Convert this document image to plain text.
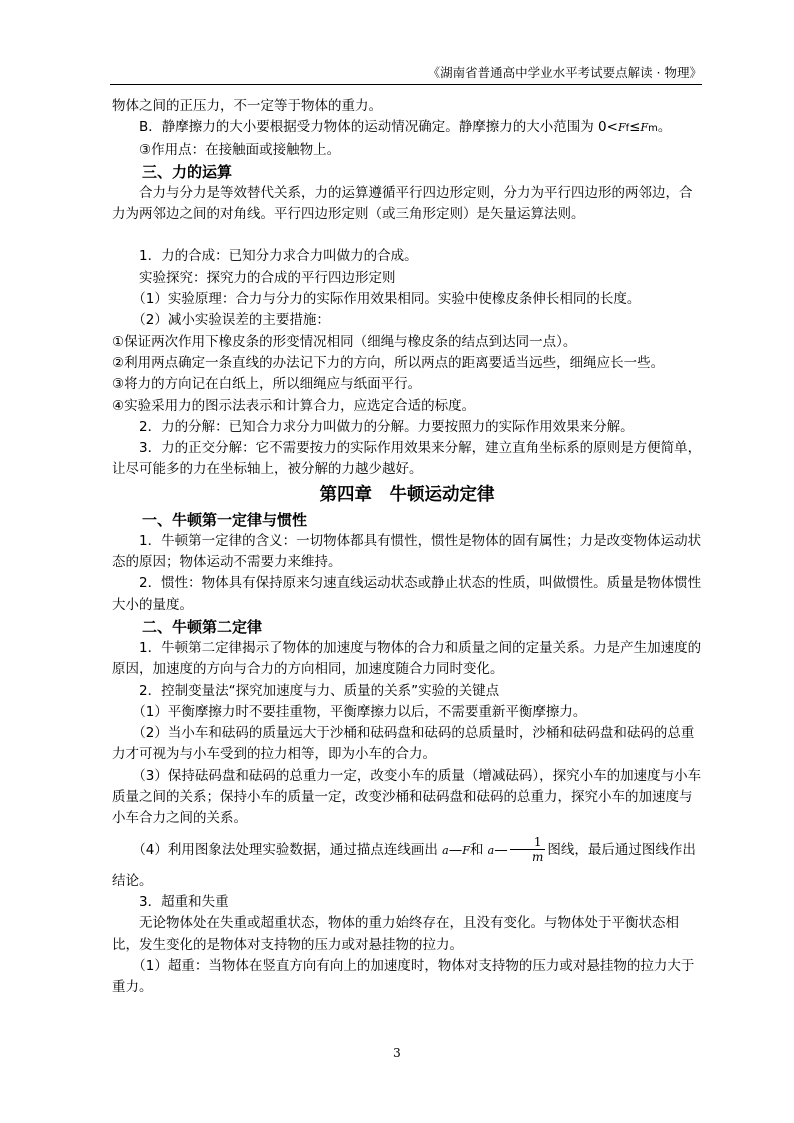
《湖南省普通高中学业水平考试要点解读 · 物理》

物体之间的正压力，不一定等于物体的重力。

B．静摩擦力的大小要根据受力物体的运动情况确定。静摩擦力的大小范围为 0<Ff≤Fm。

③作用点：在接触面或接触物上。

三、力的运算

合力与分力是等效替代关系，力的运算遵循平行四边形定则，分力为平行四边形的两邻边，合力为两邻边之间的对角线。平行四边形定则（或三角形定则）是矢量运算法则。

1．力的合成：已知分力求合力叫做力的合成。

实验探究：探究力的合成的平行四边形定则

（1）实验原理：合力与分力的实际作用效果相同。实验中使橡皮条伸长相同的长度。

（2）减小实验误差的主要措施：

①保证两次作用下橡皮条的形变情况相同（细绳与橡皮条的结点到达同一点）。

②利用两点确定一条直线的办法记下力的方向，所以两点的距离要适当远些，细绳应长一些。

③将力的方向记在白纸上，所以细绳应与纸面平行。

④实验采用力的图示法表示和计算合力，应选定合适的标度。

2．力的分解：已知合力求分力叫做力的分解。力要按照力的实际作用效果来分解。

3．力的正交分解：它不需要按力的实际作用效果来分解，建立直角坐标系的原则是方便简单，让尽可能多的力在坐标轴上，被分解的力越少越好。

第四章　牛顿运动定律

一、牛顿第一定律与惯性

1．牛顿第一定律的含义：一切物体都具有惯性，惯性是物体的固有属性；力是改变物体运动状态的原因；物体运动不需要力来维持。

2．惯性：物体具有保持原来匀速直线运动状态或静止状态的性质，叫做惯性。质量是物体惯性大小的量度。

二、牛顿第二定律

1．牛顿第二定律揭示了物体的加速度与物体的合力和质量之间的定量关系。力是产生加速度的原因，加速度的方向与合力的方向相同，加速度随合力同时变化。

2．控制变量法“探究加速度与力、质量的关系”实验的关键点

（1）平衡摩擦力时不要挂重物，平衡摩擦力以后，不需要重新平衡摩擦力。

（2）当小车和砝码的质量远大于沙桶和砝码盘和砝码的总质量时，沙桶和砝码盘和砝码的总重力才可视为与小车受到的拉力相等，即为小车的合力。

（3）保持砝码盘和砝码的总重力一定，改变小车的质量（增减砝码），探究小车的加速度与小车质量之间的关系；保持小车的质量一定，改变沙桶和砝码盘和砝码的总重力，探究小车的加速度与小车合力之间的关系。

（4）利用图象法处理实验数据，通过描点连线画出 a—F和 a— $\frac{1}{m}$ 图线，最后通过图线作出

结论。

3．超重和失重

无论物体处在失重或超重状态，物体的重力始终存在，且没有变化。与物体处于平衡状态相比，发生变化的是物体对支持物的压力或对悬挂物的拉力。

（1）超重：当物体在竖直方向有向上的加速度时，物体对支持物的压力或对悬挂物的拉力大于重力。

3
